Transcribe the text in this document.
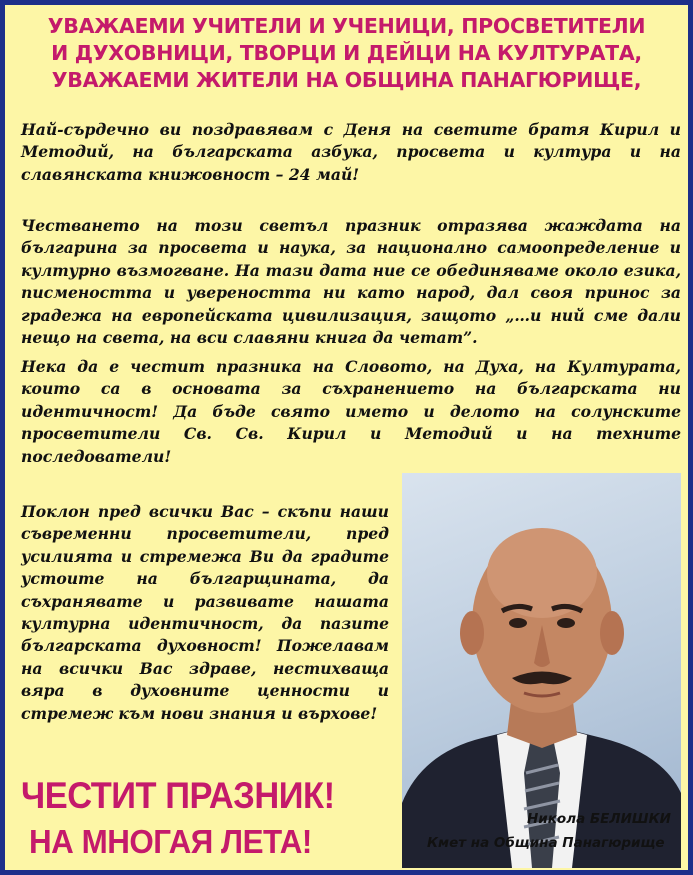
УВАЖАЕМИ УЧИТЕЛИ И УЧЕНИЦИ, ПРОСВЕТИТЕЛИ
И ДУХОВНИЦИ, ТВОРЦИ И ДЕЙЦИ НА КУЛТУРАТА,
УВАЖАЕМИ ЖИТЕЛИ НА ОБЩИНА ПАНАГЮРИЩЕ,
Най-сърдечно ви поздравявам с Деня на светите братя Кирил и Методий, на българската азбука, просвета и култура и на славянската книжовност – 24 май!
Честването на този светъл празник отразява жаждата на българина за просвета и наука, за национално самоопределение и културно възмогване. На тази дата ние се обединяваме около езика, писмеността и увереността ни като народ, дал своя принос за градежа на европейската цивилизация, защото „…и ний сме дали нещо на света, на вси славяни книга да четат”.
Нека да е честит празника на Словото, на Духа, на Културата, които са в основата за съхранението на българската ни идентичност! Да бъде свято името и делото на солунските просветители Св. Св. Кирил и Методий и на техните последователи!
Поклон пред всички Вас – скъпи наши съвременни просветители, пред усилията и стремежа Ви да градите устоите на българщината, да съхранявате и развивате нашата културна идентичност, да пазите българската духовност! Пожелавам на всички Вас здраве, нестихваща вяра в духовните ценности и стремеж към нови знания и върхове!
Никола БЕЛИШКИ
Кмет на Община Панагюрище
ЧЕСТИТ ПРАЗНИК!
НА МНОГАЯ ЛЕТА!
